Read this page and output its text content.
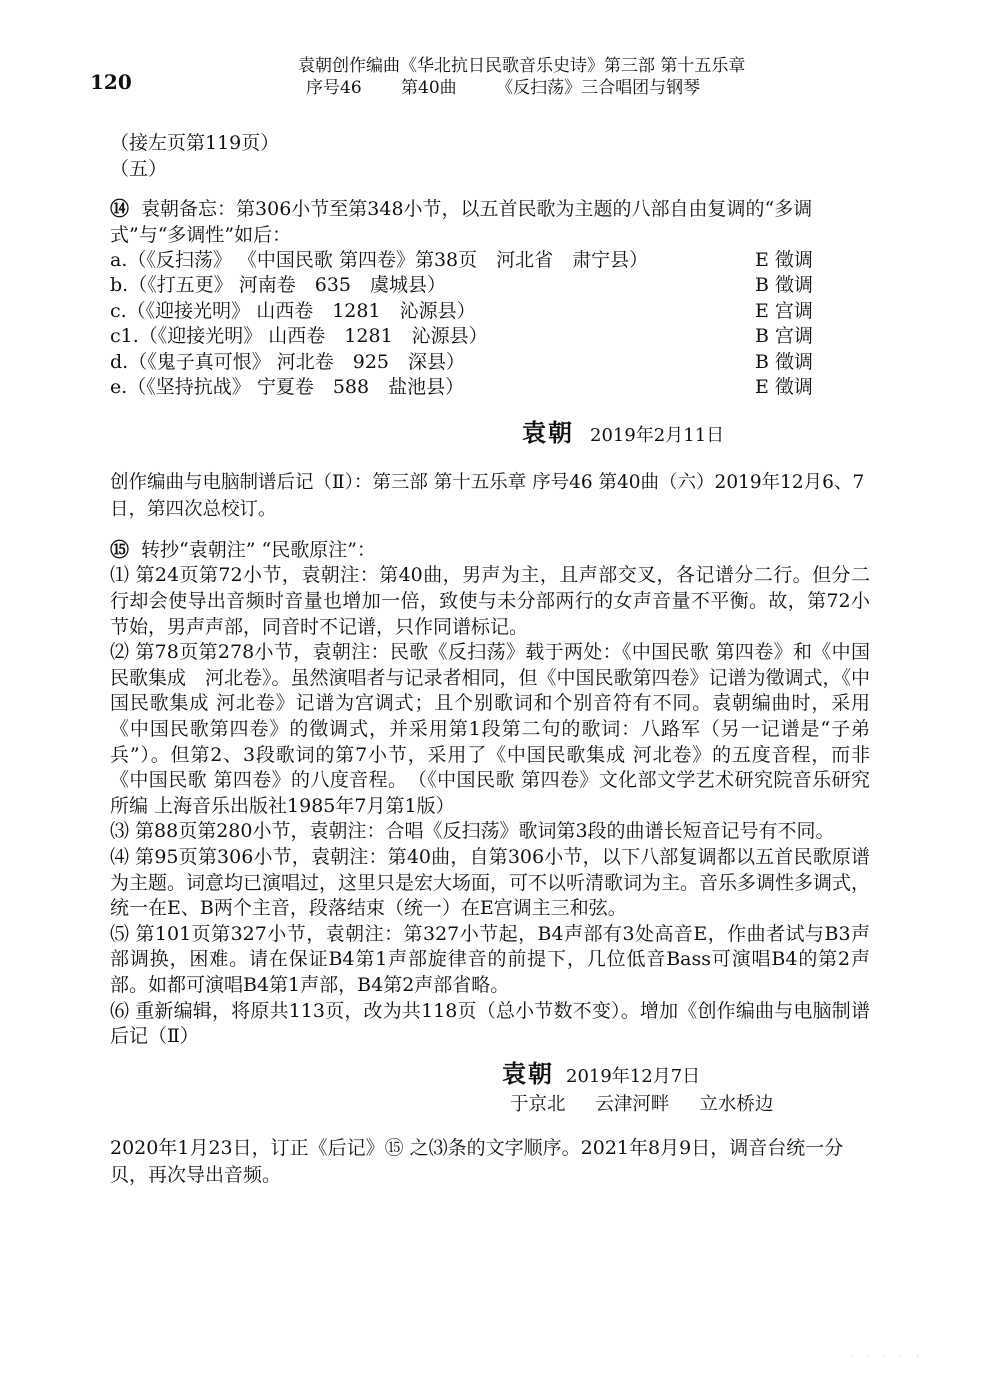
120
袁朝创作编曲《华北抗日民歌音乐史诗》第三部 第十五乐章
序号46 第40曲 《反扫荡》三合唱团与钢琴
（接左页第119页）
（五）
⑭ 袁朝备忘：第306小节至第348小节，以五首民歌为主题的八部自由复调的“多调式”与“多调性”如后：
a.（《反扫荡》 《中国民歌 第四卷》第38页　河北省　肃宁县）	E 徵调
b.（《打五更》 河南卷　635　虞城县）	B 徵调
c.（《迎接光明》 山西卷　1281　沁源县）	E 宫调
c1.（《迎接光明》 山西卷　1281　沁源县）	B 宫调
d.（《鬼子真可恨》 河北卷　925　深县）	B 徵调
e.（《坚持抗战》 宁夏卷　588　盐池县）	E 徵调
袁朝 2019年2月11日
创作编曲与电脑制谱后记（Ⅱ）：第三部 第十五乐章 序号46 第40曲（六）2019年12月6、7日，第四次总校订。
⑮ 转抄“袁朝注” “民歌原注”：
⑴ 第24页第72小节，袁朝注：第40曲，男声为主，且声部交叉，各记谱分二行。但分二行却会使导出音频时音量也增加一倍，致使与未分部两行的女声音量不平衡。故，第72小节始，男声声部，同音时不记谱，只作同谱标记。
⑵ 第78页第278小节，袁朝注：民歌《反扫荡》载于两处：《中国民歌 第四卷》和《中国民歌集成　河北卷》。虽然演唱者与记录者相同，但《中国民歌第四卷》记谱为徵调式，《中国民歌集成 河北卷》记谱为宫调式；且个别歌词和个别音符有不同。袁朝编曲时，采用《中国民歌第四卷》的徵调式，并采用第1段第二句的歌词：八路军（另一记谱是“子弟兵”）。但第2、3段歌词的第7小节，采用了《中国民歌集成 河北卷》的五度音程，而非《中国民歌 第四卷》的八度音程。　（《中国民歌 第四卷》文化部文学艺术研究院音乐研究所编 上海音乐出版社1985年7月第1版）
⑶ 第88页第280小节，袁朝注：合唱《反扫荡》歌词第3段的曲谱长短音记号有不同。
⑷ 第95页第306小节，袁朝注：第40曲，自第306小节，以下八部复调都以五首民歌原谱为主题。词意均已演唱过，这里只是宏大场面，可不以听清歌词为主。音乐多调性多调式，统一在E、B两个主音，段落结束（统一）在E宫调主三和弦。
⑸ 第101页第327小节，袁朝注：第327小节起，B4声部有3处高音E，作曲者试与B3声部调换，困难。请在保证B4第1声部旋律音的前提下，几位低音Bass可演唱B4的第2声部。如都可演唱B4第1声部，B4第2声部省略。
⑹ 重新编辑，将原共113页，改为共118页（总小节数不变）。增加《创作编曲与电脑制谱后记（Ⅱ）
袁朝 2019年12月7日
于京北 云津河畔 立水桥边
2020年1月23日，订正《后记》⑮ 之⑶条的文字顺序。2021年8月9日，调音台统一分贝，再次导出音频。
·····
